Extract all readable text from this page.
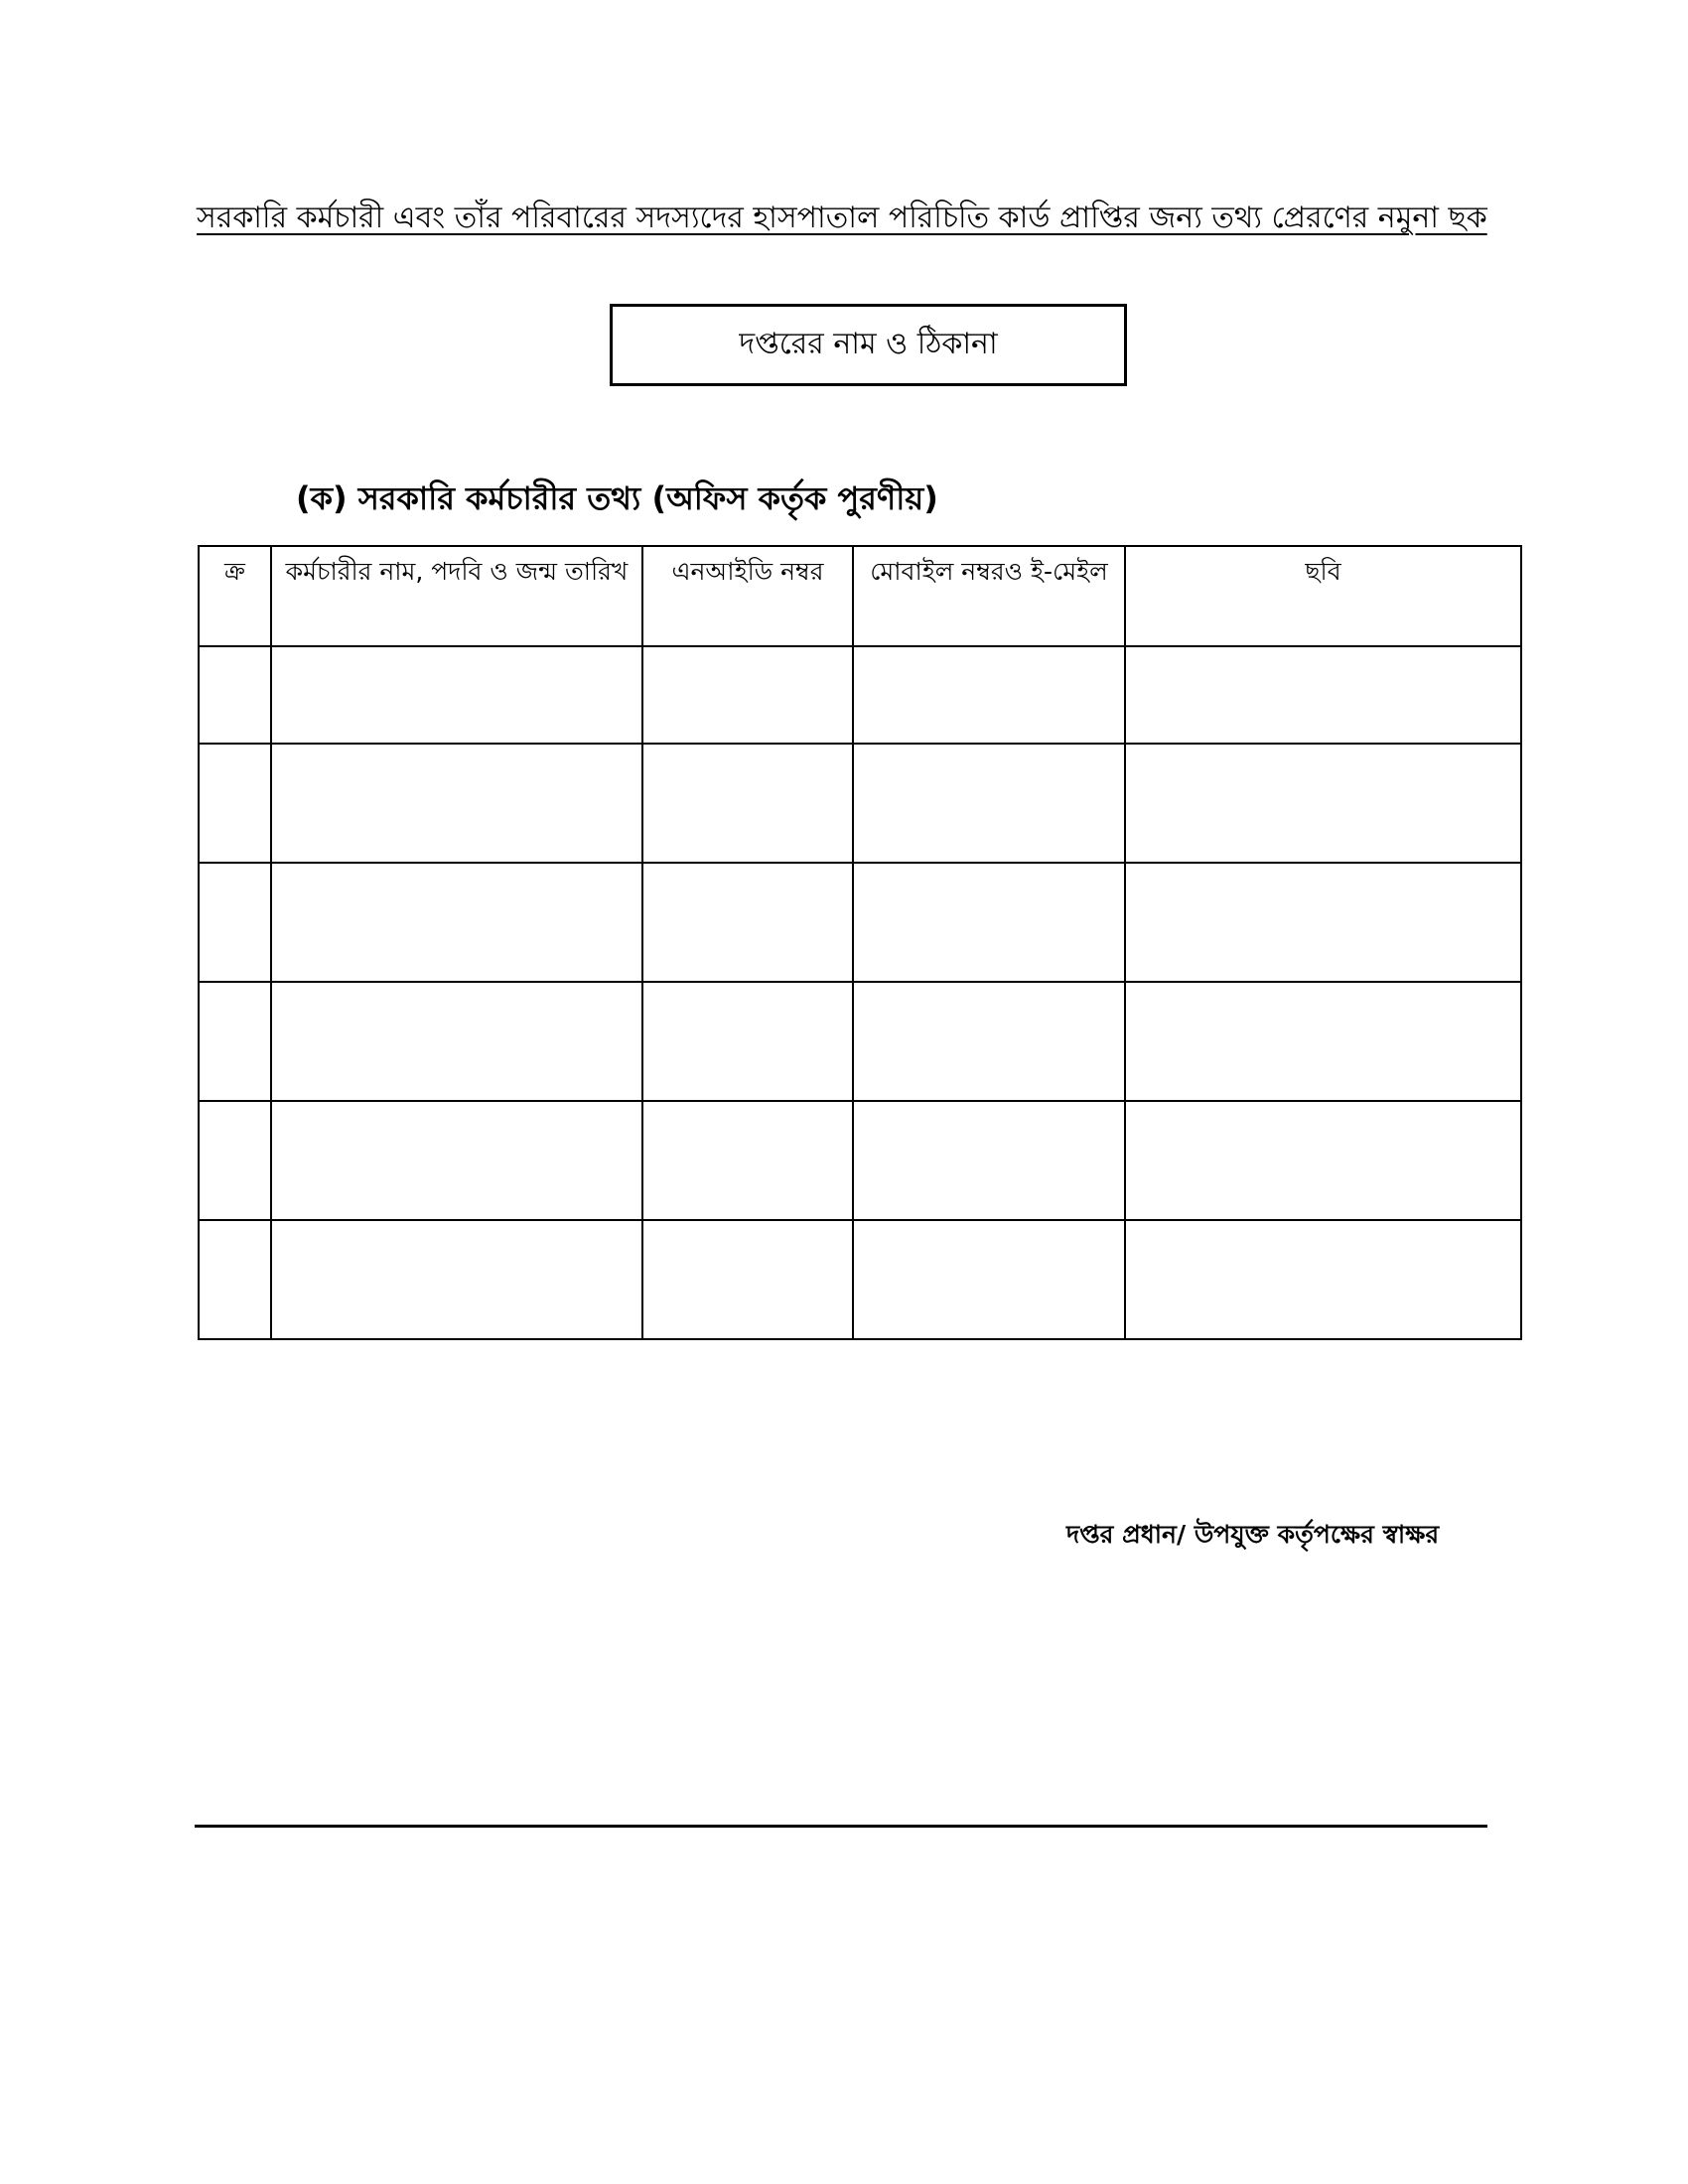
সরকারি কর্মচারী এবং তাঁর পরিবারের সদস্যদের হাসপাতাল পরিচিতি কার্ড প্রাপ্তির জন্য তথ্য প্রেরণের নমুনা ছক
দপ্তরের নাম ও ঠিকানা
(ক) সরকারি কর্মচারীর তথ্য (অফিস কর্তৃক পুরণীয়)
ক্র	কর্মচারীর নাম, পদবি ও জন্ম তারিখ	এনআইডি নম্বর	মোবাইল নম্বরও ই-মেইল	ছবি

দপ্তর প্রধান/ উপযুক্ত কর্তৃপক্ষের স্বাক্ষর
